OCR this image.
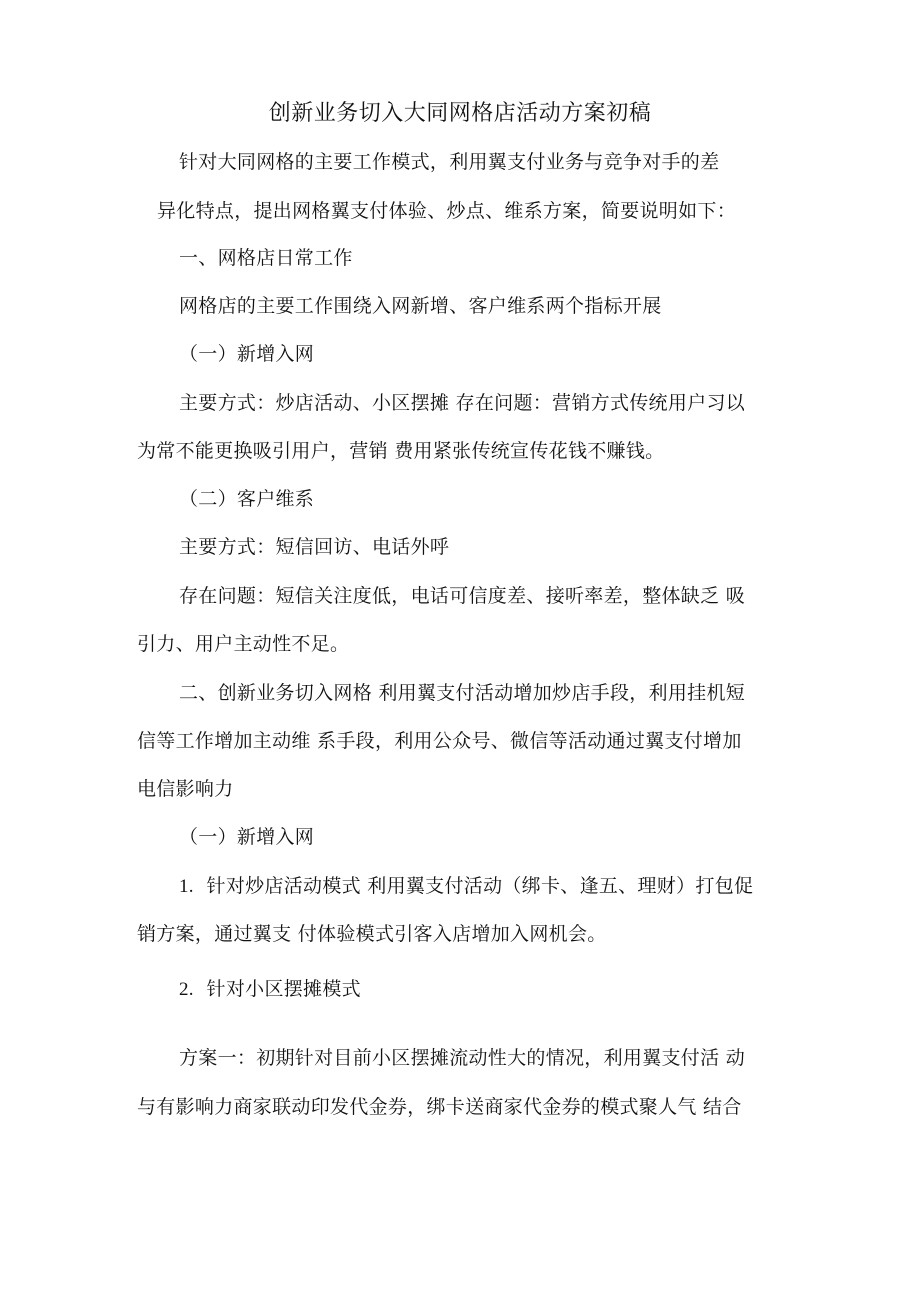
创新业务切入大同网格店活动方案初稿
针对大同网格的主要工作模式，利用翼支付业务与竞争对手的差
异化特点，提出网格翼支付体验、炒点、维系方案，简要说明如下：
一、网格店日常工作
网格店的主要工作围绕入网新增、客户维系两个指标开展
（一）新增入网
主要方式：炒店活动、小区摆摊 存在问题：营销方式传统用户习以
为常不能更换吸引用户，营销 费用紧张传统宣传花钱不赚钱。
（二）客户维系
主要方式：短信回访、电话外呼
存在问题：短信关注度低，电话可信度差、接听率差，整体缺乏 吸
引力、用户主动性不足。
二、创新业务切入网格 利用翼支付活动增加炒店手段，利用挂机短
信等工作增加主动维 系手段，利用公众号、微信等活动通过翼支付增加
电信影响力
（一）新增入网
1. 针对炒店活动模式 利用翼支付活动（绑卡、逢五、理财）打包促
销方案，通过翼支 付体验模式引客入店增加入网机会。
2. 针对小区摆摊模式
方案一：初期针对目前小区摆摊流动性大的情况，利用翼支付活 动
与有影响力商家联动印发代金券，绑卡送商家代金券的模式聚人气 结合
